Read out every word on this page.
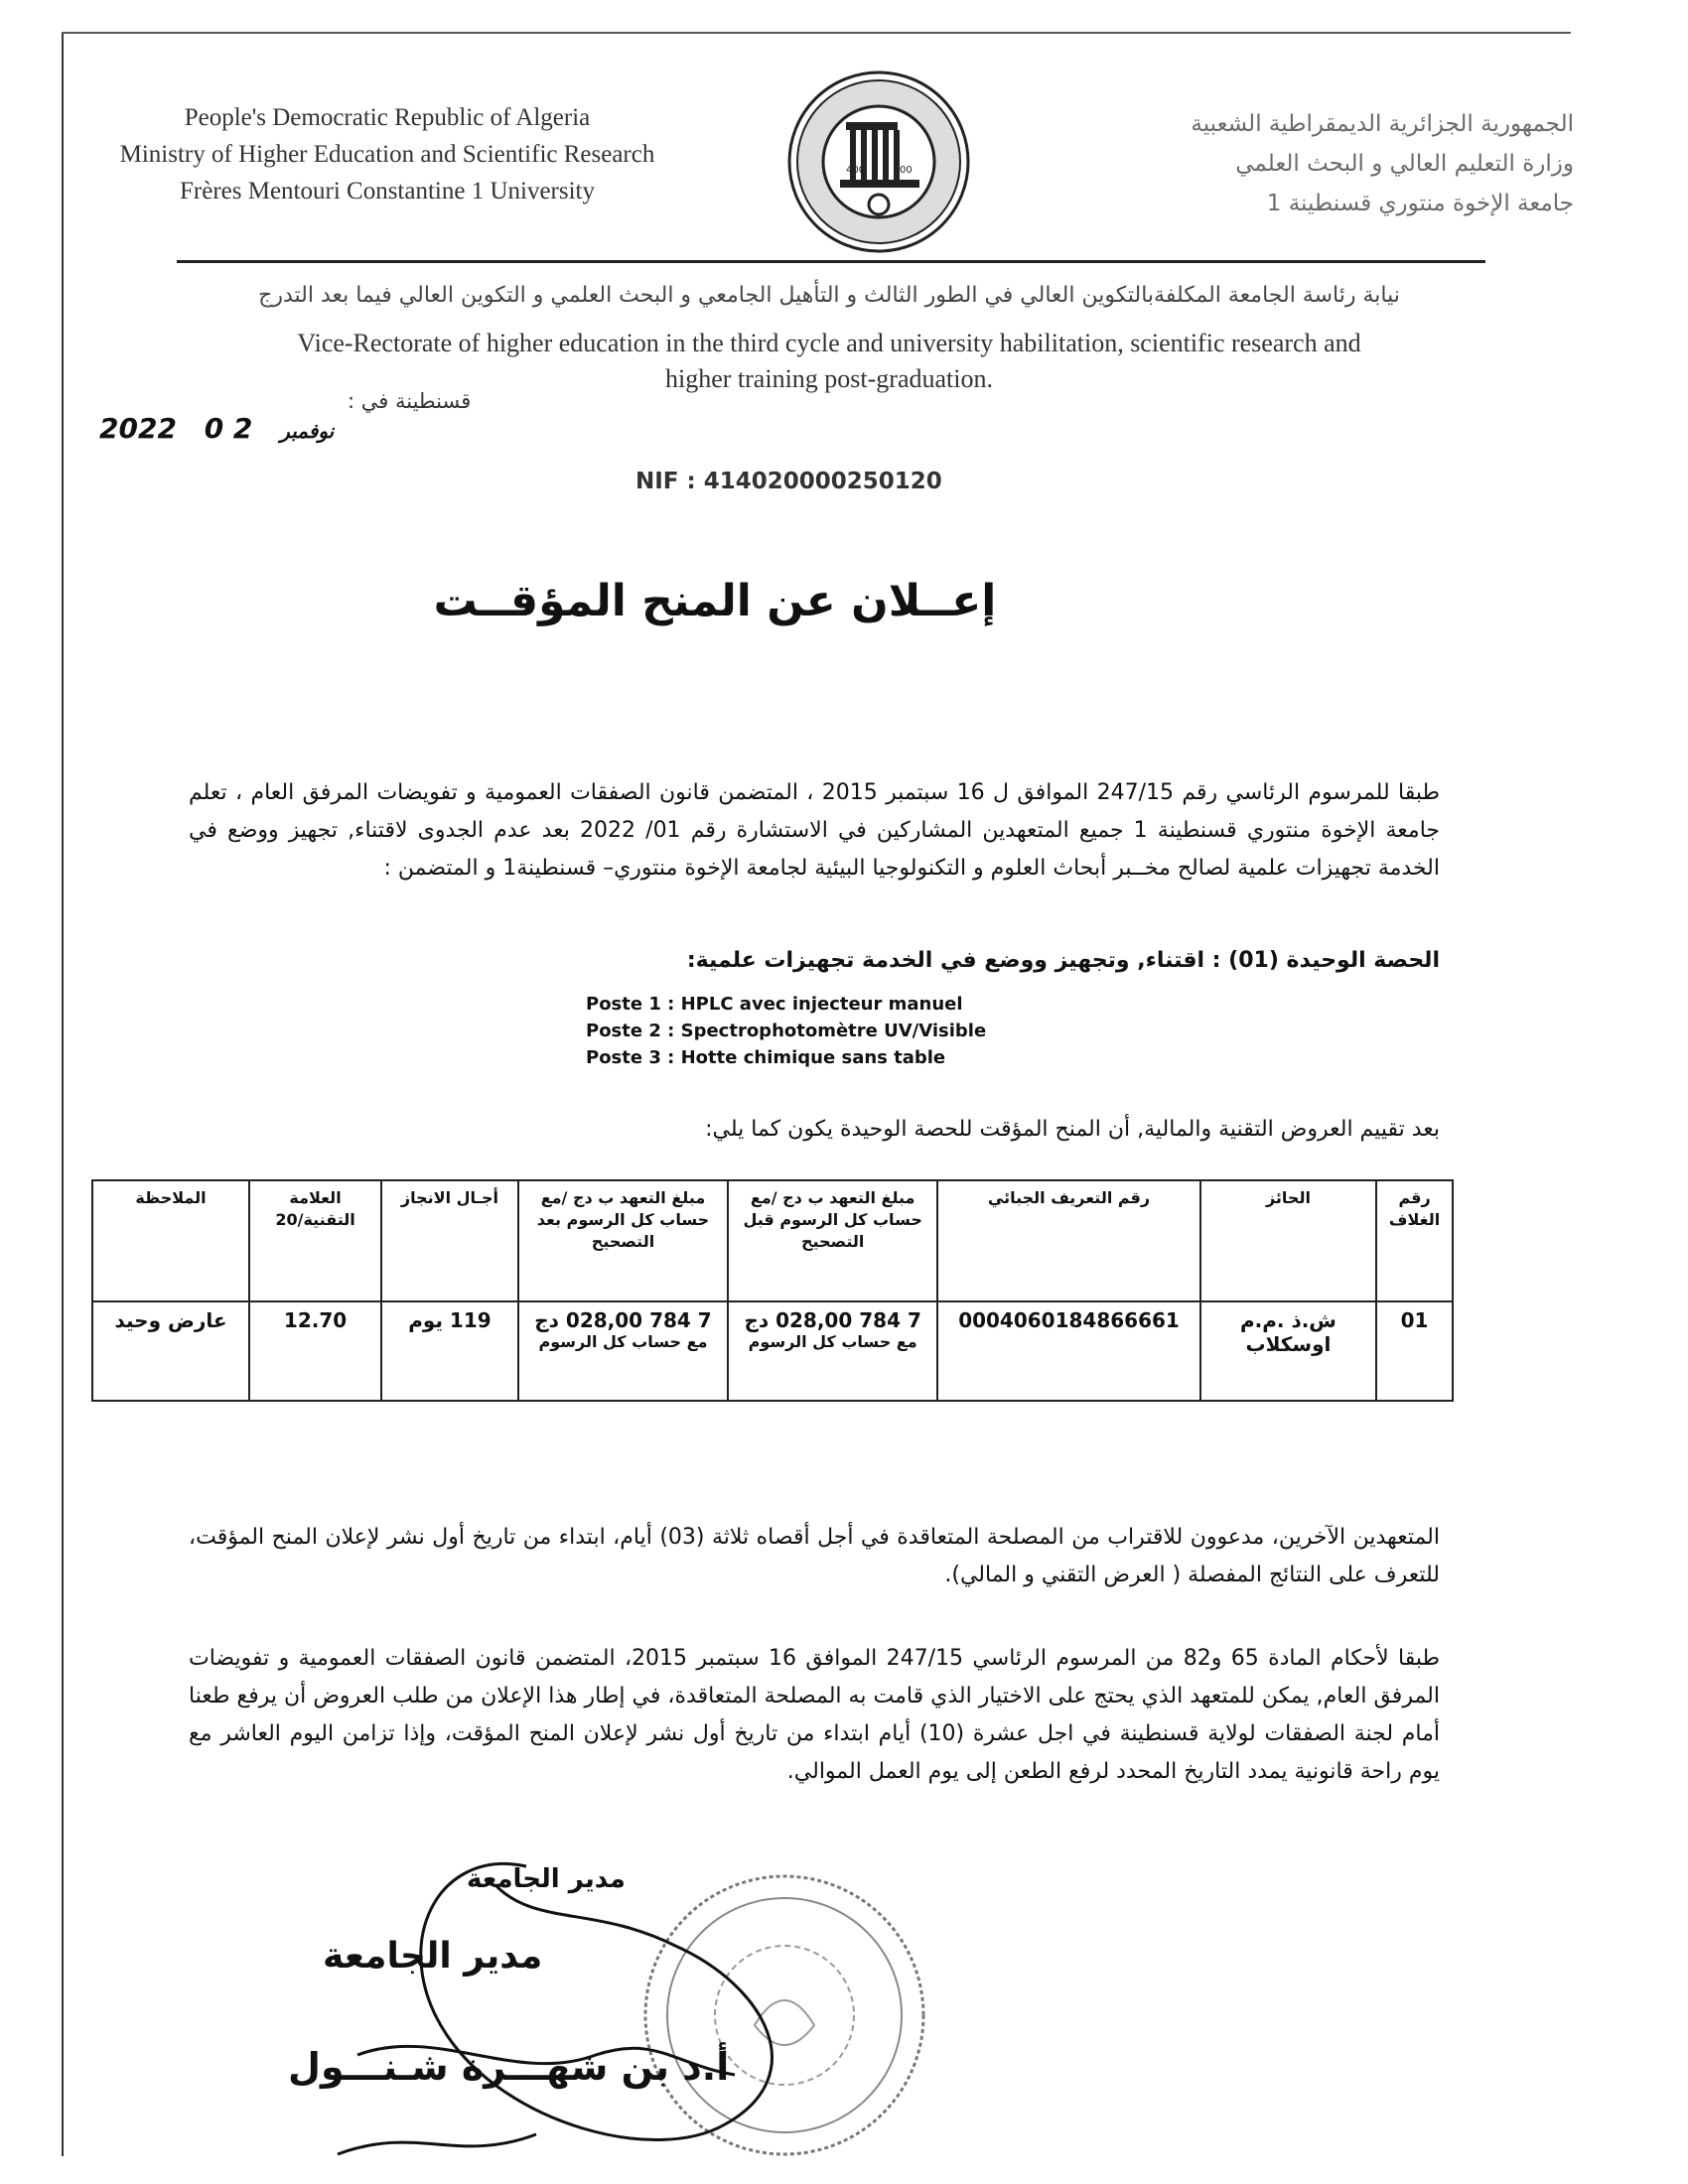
People's Democratic Republic of Algeria
Ministry of Higher Education and Scientific Research
Frères Mentouri Constantine 1 University
400	00
الجمهورية الجزائرية الديمقراطية الشعبية
وزارة التعليم العالي و البحث العلمي
جامعة الإخوة منتوري قسنطينة 1
نيابة رئاسة الجامعة المكلفةبالتكوين العالي في الطور الثالث و التأهيل الجامعي و البحث العلمي و التكوين العالي فيما بعد التدرج
Vice-Rectorate of higher education in the third cycle and university habilitation, scientific research and
higher training post-graduation.
قسنطينة في :
2022	نوفمبر 2 0
NIF : 414020000250120
إعــلان عن المنح المؤقــت
طبقا للمرسوم الرئاسي رقم 247/15 الموافق ل 16 سبتمبر 2015 ، المتضمن قانون الصفقات العمومية و تفويضات المرفق العام ، تعلم جامعة الإخوة منتوري قسنطينة 1 جميع المتعهدين المشاركين في الاستشارة رقم 01/ 2022 بعد عدم الجدوى لاقتناء, تجهيز ووضع في الخدمة تجهيزات علمية لصالح مخــبر أبحاث العلوم و التكنولوجيا البيئية لجامعة الإخوة منتوري– قسنطينة1 و المتضمن :
الحصة الوحيدة (01) : اقتناء, وتجهيز ووضع في الخدمة تجهيزات علمية:
Poste 1 : HPLC avec injecteur manuel
Poste 2 : Spectrophotomètre UV/Visible
Poste 3 : Hotte chimique sans table
بعد تقييم العروض التقنية والمالية, أن المنح المؤقت للحصة الوحيدة يكون كما يلي:
رقم الغلاف	الحائز	رقم التعريف الجبائي	مبلغ التعهد ب دج /مع حساب كل الرسوم قبل التصحيح	مبلغ التعهد ب دج /مع حساب كل الرسوم بعد التصحيح	أجـال الانجاز	العلامة التقنية/20	الملاحظة
01	ش.ذ .م.م اوسكلاب	0004060184866661	7 784 028,00 دج
مع حساب كل الرسوم	7 784 028,00 دج
مع حساب كل الرسوم	119 يوم	12.70	عارض وحيد
المتعهدين الآخرين، مدعوون للاقتراب من المصلحة المتعاقدة في أجل أقصاه ثلاثة (03) أيام، ابتداء من تاريخ أول نشر لإعلان المنح المؤقت، للتعرف على النتائج المفصلة ( العرض التقني و المالي).
طبقا لأحكام المادة 65 و82 من المرسوم الرئاسي 247/15 الموافق 16 سبتمبر 2015، المتضمن قانون الصفقات العمومية و تفويضات المرفق العام, يمكن للمتعهد الذي يحتج على الاختيار الذي قامت به المصلحة المتعاقدة، في إطار هذا الإعلان من طلب العروض أن يرفع طعنا أمام لجنة الصفقات لولاية قسنطينة في اجل عشرة (10) أيام ابتداء من تاريخ أول نشر لإعلان المنح المؤقت، وإذا تزامن اليوم العاشر مع يوم راحة قانونية يمدد التاريخ المحدد لرفع الطعن إلى يوم العمل الموالي.
مدير الجامعة
مدير الجامعة
أ.د بن شهـــرة شـنـــول
